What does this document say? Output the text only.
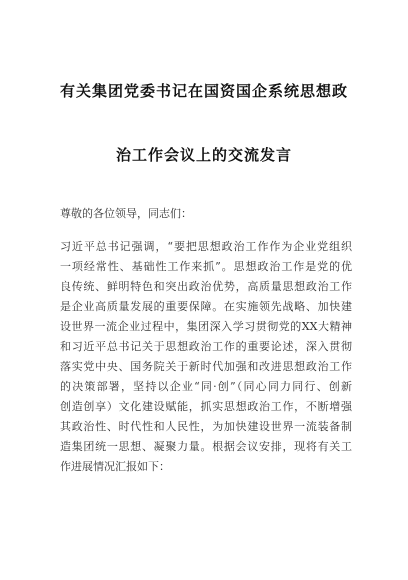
有关集团党委书记在国资国企系统思想政
治工作会议上的交流发言
尊敬的各位领导，同志们：
习近平总书记强调，“要把思想政治工作作为企业党组织
一项经常性、基础性工作来抓”。思想政治工作是党的优
良传统、鲜明特色和突出政治优势，高质量思想政治工作
是企业高质量发展的重要保障。在实施领先战略、加快建
设世界一流企业过程中，集团深入学习贯彻党的XX大精神
和习近平总书记关于思想政治工作的重要论述，深入贯彻
落实党中央、国务院关于新时代加强和改进思想政治工作
的决策部署，坚持以企业“同·创”（同心同力同行、创新
创造创享）文化建设赋能，抓实思想政治工作，不断增强
其政治性、时代性和人民性，为加快建设世界一流装备制
造集团统一思想、凝聚力量。根据会议安排，现将有关工
作进展情况汇报如下：
